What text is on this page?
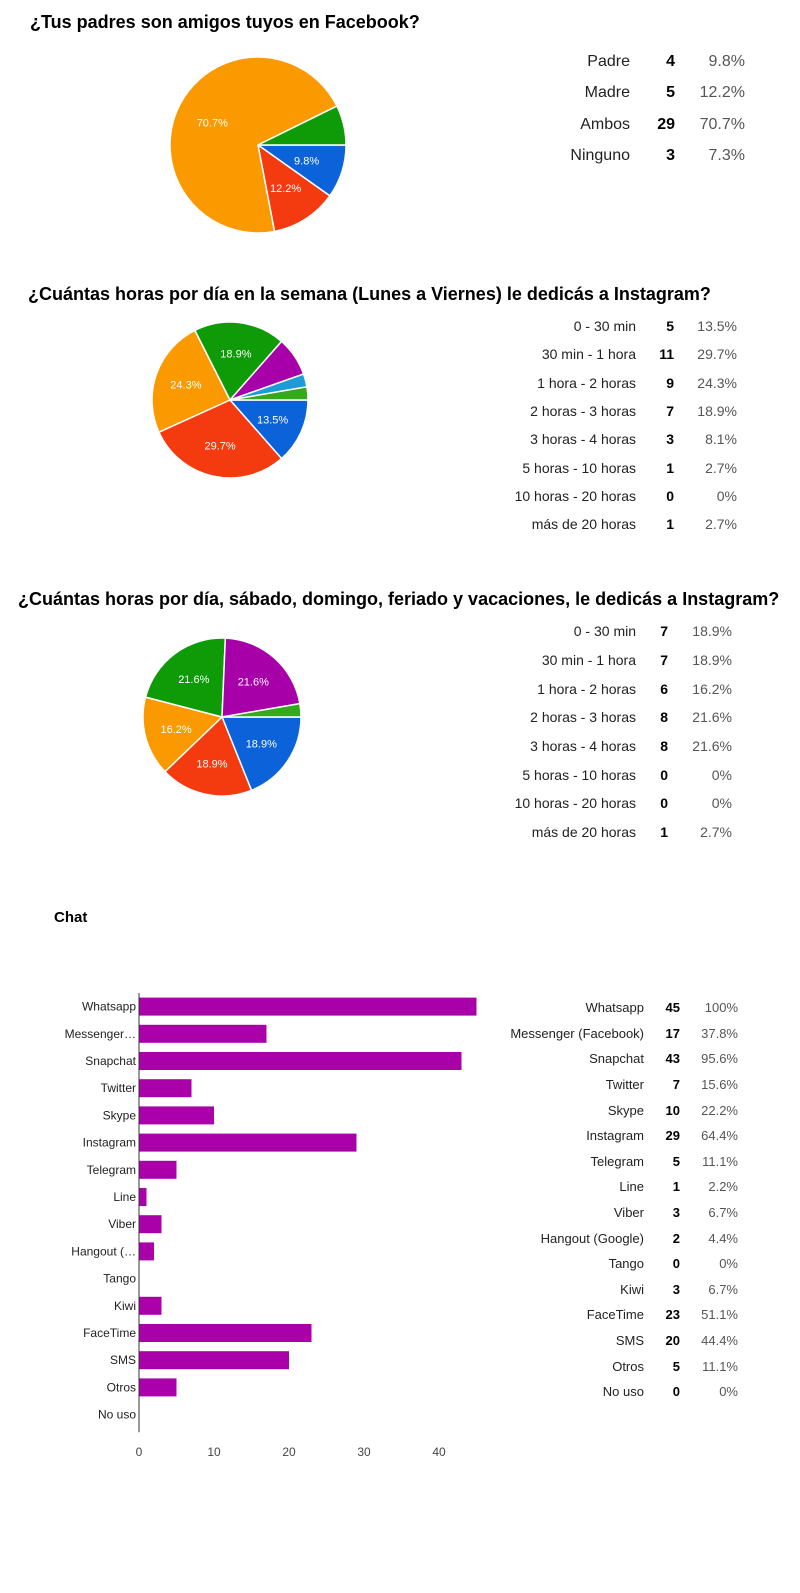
¿Tus padres son amigos tuyos en Facebook?
9.8%
12.2%
70.7%
Padre	4	9.8%
Madre	5	12.2%
Ambos	29	70.7%
Ninguno	3	7.3%
¿Cuántas horas por día en la semana (Lunes a Viernes) le dedicás a Instagram?
13.5%
29.7%
24.3%
18.9%
0 - 30 min	5	13.5%
30 min - 1 hora	11	29.7%
1 hora - 2 horas	9	24.3%
2 horas - 3 horas	7	18.9%
3 horas - 4 horas	3	8.1%
5 horas - 10 horas	1	2.7%
10 horas - 20 horas	0	0%
más de 20 horas	1	2.7%
¿Cuántas horas por día, sábado, domingo, feriado y vacaciones, le dedicás a Instagram?
18.9%
18.9%
16.2%
21.6%	21.6%
0 - 30 min	7	18.9%
30 min - 1 hora	7	18.9%
1 hora - 2 horas	6	16.2%
2 horas - 3 horas	8	21.6%
3 horas - 4 horas	8	21.6%
5 horas - 10 horas	0	0%
10 horas - 20 horas	0	0%
más de 20 horas	1	2.7%
Chat
Whatsapp
Messenger…
Snapchat
Twitter
Skype
Instagram
Telegram
Line
Viber
Hangout (…
Tango
Kiwi
FaceTime
SMS
Otros
No uso
0	10	20	30	40
Whatsapp	45	100%
Messenger (Facebook)	17	37.8%
Snapchat	43	95.6%
Twitter	7	15.6%
Skype	10	22.2%
Instagram	29	64.4%
Telegram	5	11.1%
Line	1	2.2%
Viber	3	6.7%
Hangout (Google)	2	4.4%
Tango	0	0%
Kiwi	3	6.7%
FaceTime	23	51.1%
SMS	20	44.4%
Otros	5	11.1%
No uso	0	0%
